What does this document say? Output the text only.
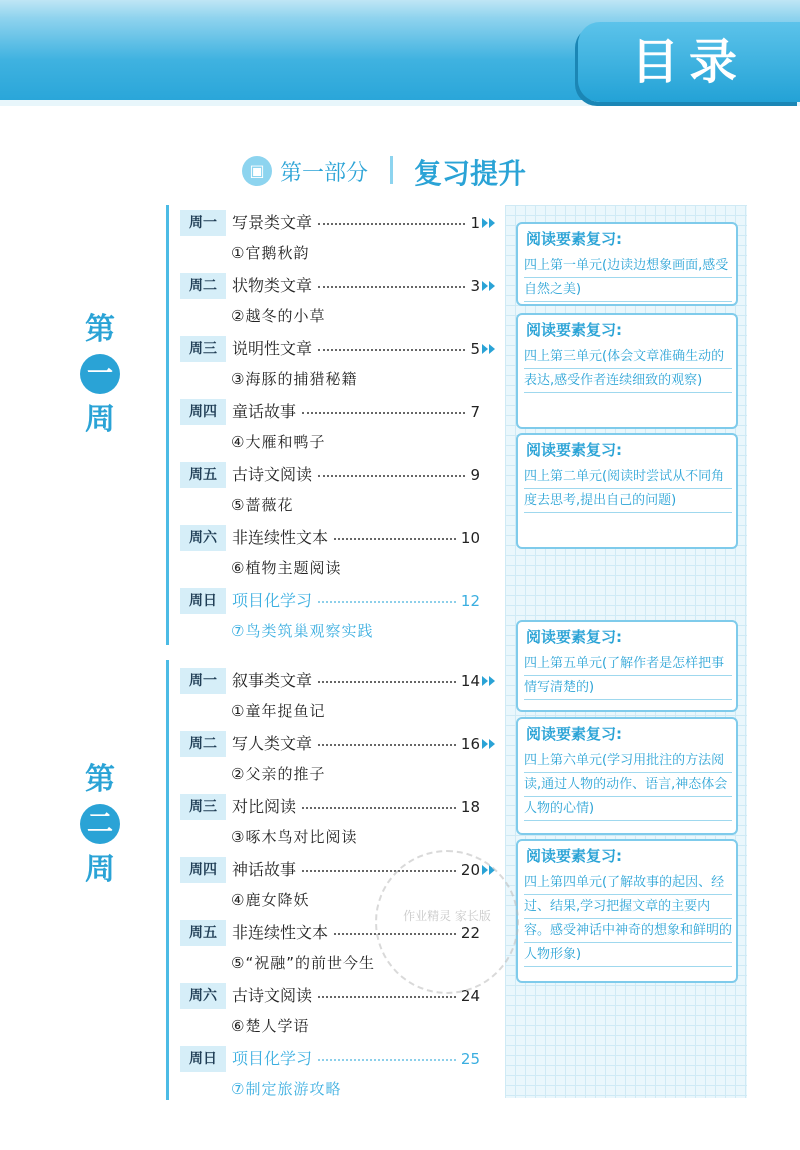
目录
▣ 第一部分 复习提升
第
一
周
第
二
周
周一 写景类文章	1
①官鹅秋韵
周二 状物类文章	3
②越冬的小草
周三 说明性文章	5
③海豚的捕猎秘籍
周四 童话故事	7
④大雁和鸭子
周五 古诗文阅读	9
⑤蔷薇花
周六 非连续性文本	10
⑥植物主题阅读
周日 项目化学习	12
⑦鸟类筑巢观察实践
周一 叙事类文章	14
①童年捉鱼记
周二 写人类文章	16
②父亲的推子
周三 对比阅读	18
③啄木鸟对比阅读
周四 神话故事	20
④鹿女降妖
周五 非连续性文本	22
⑤“祝融”的前世今生
周六 古诗文阅读	24
⑥楚人学语
周日 项目化学习	25
⑦制定旅游攻略
阅读要素复习:
四上第一单元(边读边想象画面,感受自然之美)
阅读要素复习:
四上第三单元(体会文章准确生动的表达,感受作者连续细致的观察)
阅读要素复习:
四上第二单元(阅读时尝试从不同角度去思考,提出自己的问题)
阅读要素复习:
四上第五单元(了解作者是怎样把事情写清楚的)
阅读要素复习:
四上第六单元(学习用批注的方法阅读,通过人物的动作、语言,神态体会人物的心情)
阅读要素复习:
四上第四单元(了解故事的起因、经过、结果,学习把握文章的主要内容。感受神话中神奇的想象和鲜明的人物形象)
作业精灵 家长版
